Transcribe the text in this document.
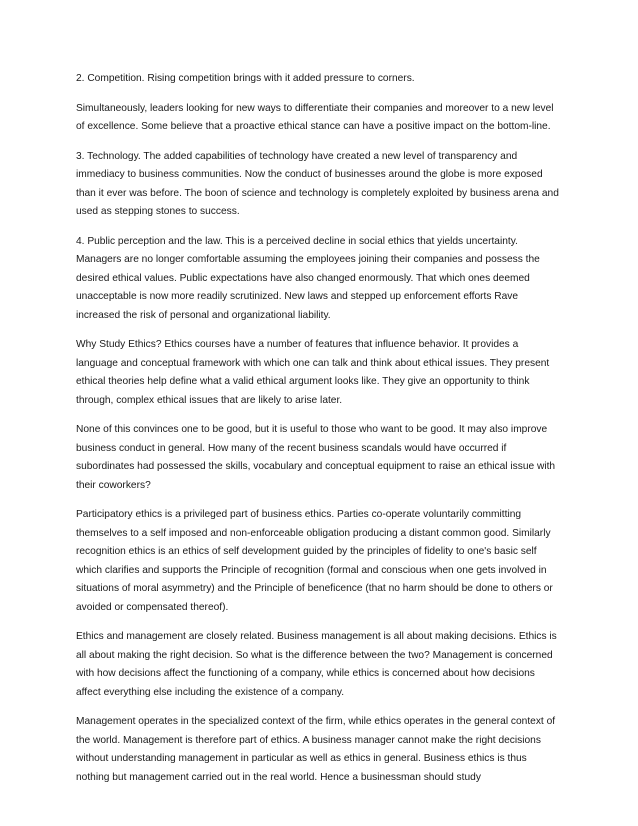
2. Competition. Rising competition brings with it added pressure to corners.

Simultaneously, leaders looking for new ways to differentiate their companies and moreover to a new level of excellence. Some believe that a proactive ethical stance can have a positive impact on the bottom-line.

3. Technology. The added capabilities of technology have created a new level of transparency and immediacy to business communities. Now the conduct of businesses around the globe is more exposed than it ever was before. The boon of science and technology is completely exploited by business arena and used as stepping stones to success.

4. Public perception and the law. This is a perceived decline in social ethics that yields uncertainty. Managers are no longer comfortable assuming the employees joining their companies and possess the desired ethical values. Public expectations have also changed enormously. That which ones deemed unacceptable is now more readily scrutinized. New laws and stepped up enforcement efforts Rave increased the risk of personal and organizational liability.

Why Study Ethics? Ethics courses have a number of features that influence behavior. It provides a language and conceptual framework with which one can talk and think about ethical issues. They present ethical theories help define what a valid ethical argument looks like. They give an opportunity to think through, complex ethical issues that are likely to arise later.

None of this convinces one to be good, but it is useful to those who want to be good. It may also improve business conduct in general. How many of the recent business scandals would have occurred if subordinates had possessed the skills, vocabulary and conceptual equipment to raise an ethical issue with their coworkers?

Participatory ethics is a privileged part of business ethics. Parties co-operate voluntarily committing themselves to a self imposed and non-enforceable obligation producing a distant common good. Similarly recognition ethics is an ethics of self development guided by the principles of fidelity to one's basic self which clarifies and supports the Principle of recognition (formal and conscious when one gets involved in situations of moral asymmetry) and the Principle of beneficence (that no harm should be done to others or avoided or compensated thereof).

Ethics and management are closely related. Business management is all about making decisions. Ethics is all about making the right decision. So what is the difference between the two? Management is concerned with how decisions affect the functioning of a company, while ethics is concerned about how decisions affect everything else including the existence of a company.

Management operates in the specialized context of the firm, while ethics operates in the general context of the world. Management is therefore part of ethics. A business manager cannot make the right decisions without understanding management in particular as well as ethics in general. Business ethics is thus nothing but management carried out in the real world. Hence a businessman should study
